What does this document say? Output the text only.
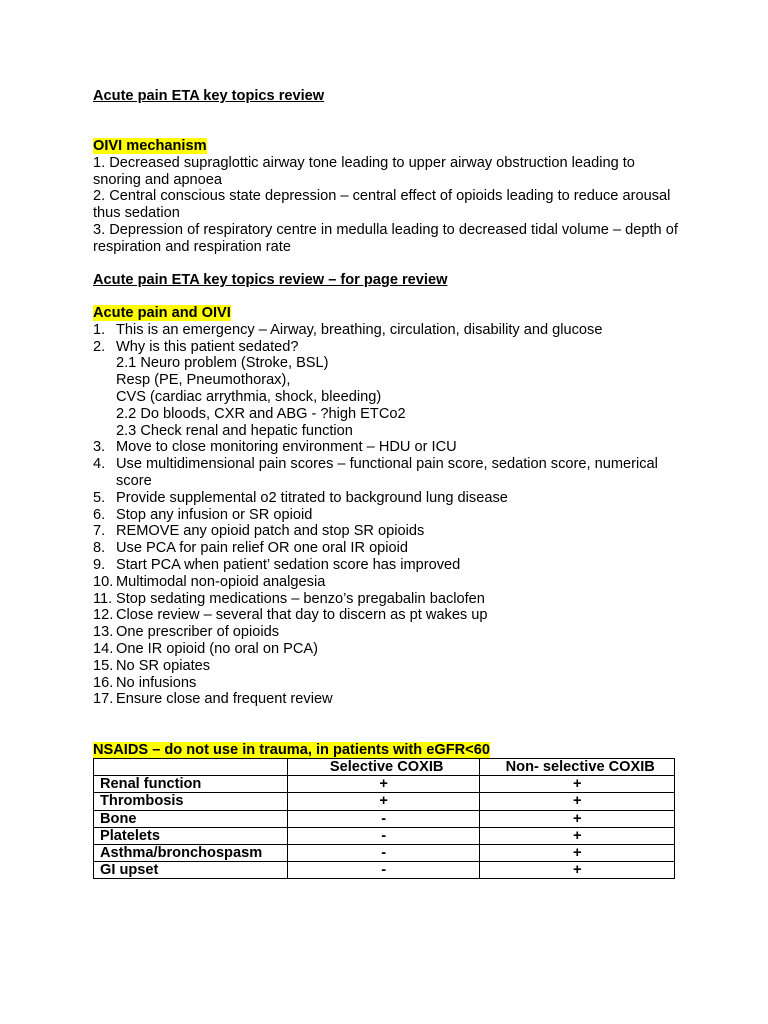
Acute pain ETA key topics review

OIVI mechanism

1. Decreased supraglottic airway tone leading to upper airway obstruction leading to snoring and apnoea

2. Central conscious state depression – central effect of opioids leading to reduce arousal thus sedation

3. Depression of respiratory centre in medulla leading to decreased tidal volume – depth of respiration and respiration rate

Acute pain ETA key topics review – for page review

Acute pain and OIVI

1. This is an emergency – Airway, breathing, circulation, disability and glucose
2. Why is this patient sedated?
2.1 Neuro problem (Stroke, BSL)
Resp (PE, Pneumothorax),
CVS (cardiac arrythmia, shock, bleeding)
2.2 Do bloods, CXR and ABG - ?high ETCo2
2.3 Check renal and hepatic function
3. Move to close monitoring environment – HDU or ICU
4. Use multidimensional pain scores – functional pain score, sedation score, numerical score
5. Provide supplemental o2 titrated to background lung disease
6. Stop any infusion or SR opioid
7. REMOVE any opioid patch and stop SR opioids
8. Use PCA for pain relief OR one oral IR opioid
9. Start PCA when patient’ sedation score has improved
10. Multimodal non-opioid analgesia
11. Stop sedating medications – benzo’s pregabalin baclofen
12. Close review – several that day to discern as pt wakes up
13. One prescriber of opioids
14. One IR opioid (no oral on PCA)
15. No SR opiates
16. No infusions
17. Ensure close and frequent review

NSAIDS – do not use in trauma, in patients with eGFR<60

	Selective COXIB	Non- selective COXIB
Renal function	+	+
Thrombosis	+	+
Bone	-	+
Platelets	-	+
Asthma/bronchospasm	-	+
GI upset	-	+
